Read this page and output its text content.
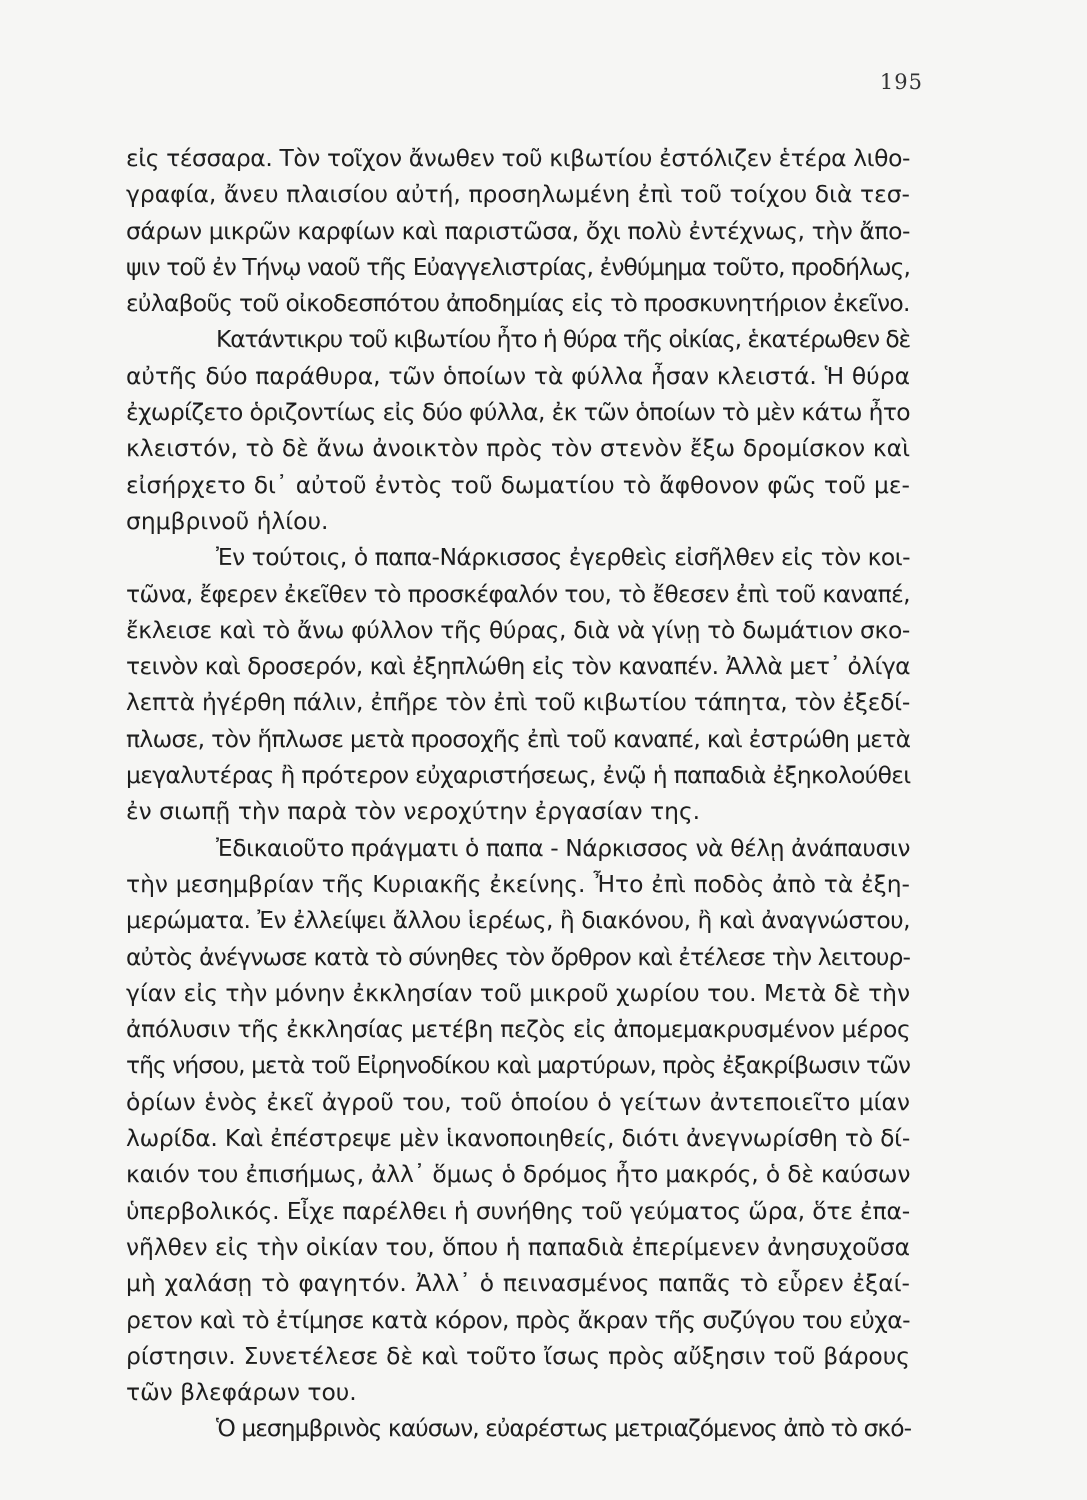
195
εἰς τέσσαρα. Τὸν τοῖχον ἄνωθεν τοῦ κιβωτίου ἐστόλιζεν ἑτέρα λιθο-
γραφία, ἄνευ πλαισίου αὐτή, προσηλωμένη ἐπὶ τοῦ τοίχου διὰ τεσ-
σάρων μικρῶν καρφίων καὶ παριστῶσα, ὄχι πολὺ ἐντέχνως, τὴν ἄπο-
ψιν τοῦ ἐν Τήνῳ ναοῦ τῆς Εὐαγγελιστρίας, ἐνθύμημα τοῦτο, προδήλως,
εὐλαβοῦς τοῦ οἰκοδεσπότου ἀποδημίας εἰς τὸ προσκυνητήριον ἐκεῖνο.
Κατάντικρυ τοῦ κιβωτίου ἦτο ἡ θύρα τῆς οἰκίας, ἑκατέρωθεν δὲ
αὐτῆς δύο παράθυρα, τῶν ὁποίων τὰ φύλλα ἦσαν κλειστά. Ἡ θύρα
ἐχωρίζετο ὁριζοντίως εἰς δύο φύλλα, ἐκ τῶν ὁποίων τὸ μὲν κάτω ἦτο
κλειστόν, τὸ δὲ ἄνω ἀνοικτὸν πρὸς τὸν στενὸν ἔξω δρομίσκον καὶ
εἰσήρχετο δι᾿ αὐτοῦ ἐντὸς τοῦ δωματίου τὸ ἄφθονον φῶς τοῦ με-
σημβρινοῦ ἡλίου.
Ἐν τούτοις, ὁ παπα-Νάρκισσος ἐγερθεὶς εἰσῆλθεν εἰς τὸν κοι-
τῶνα, ἔφερεν ἐκεῖθεν τὸ προσκέφαλόν του, τὸ ἔθεσεν ἐπὶ τοῦ καναπέ,
ἔκλεισε καὶ τὸ ἄνω φύλλον τῆς θύρας, διὰ νὰ γίνῃ τὸ δωμάτιον σκο-
τεινὸν καὶ δροσερόν, καὶ ἐξηπλώθη εἰς τὸν καναπέν. Ἀλλὰ μετ᾿ ὀλίγα
λεπτὰ ἠγέρθη πάλιν, ἐπῆρε τὸν ἐπὶ τοῦ κιβωτίου τάπητα, τὸν ἐξεδί-
πλωσε, τὸν ἥπλωσε μετὰ προσοχῆς ἐπὶ τοῦ καναπέ, καὶ ἐστρώθη μετὰ
μεγαλυτέρας ἢ πρότερον εὐχαριστήσεως, ἐνῷ ἡ παπαδιὰ ἐξηκολούθει
ἐν σιωπῇ τὴν παρὰ τὸν νεροχύτην ἐργασίαν της.
Ἐδικαιοῦτο πράγματι ὁ παπα - Νάρκισσος νὰ θέλῃ ἀνάπαυσιν
τὴν μεσημβρίαν τῆς Κυριακῆς ἐκείνης. Ἦτο ἐπὶ ποδὸς ἀπὸ τὰ ἐξη-
μερώματα. Ἐν ἐλλείψει ἄλλου ἱερέως, ἢ διακόνου, ἢ καὶ ἀναγνώστου,
αὐτὸς ἀνέγνωσε κατὰ τὸ σύνηθες τὸν ὄρθρον καὶ ἐτέλεσε τὴν λειτουρ-
γίαν εἰς τὴν μόνην ἐκκλησίαν τοῦ μικροῦ χωρίου του. Μετὰ δὲ τὴν
ἀπόλυσιν τῆς ἐκκλησίας μετέβη πεζὸς εἰς ἀπομεμακρυσμένον μέρος
τῆς νήσου, μετὰ τοῦ Εἰρηνοδίκου καὶ μαρτύρων, πρὸς ἐξακρίβωσιν τῶν
ὁρίων ἑνὸς ἐκεῖ ἀγροῦ του, τοῦ ὁποίου ὁ γείτων ἀντεποιεῖτο μίαν
λωρίδα. Καὶ ἐπέστρεψε μὲν ἱκανοποιηθείς, διότι ἀνεγνωρίσθη τὸ δί-
καιόν του ἐπισήμως, ἀλλ᾿ ὅμως ὁ δρόμος ἦτο μακρός, ὁ δὲ καύσων
ὑπερβολικός. Εἶχε παρέλθει ἡ συνήθης τοῦ γεύματος ὥρα, ὅτε ἐπα-
νῆλθεν εἰς τὴν οἰκίαν του, ὅπου ἡ παπαδιὰ ἐπερίμενεν ἀνησυχοῦσα
μὴ χαλάσῃ τὸ φαγητόν. Ἀλλ᾿ ὁ πεινασμένος παπᾶς τὸ εὗρεν ἐξαί-
ρετον καὶ τὸ ἐτίμησε κατὰ κόρον, πρὸς ἄκραν τῆς συζύγου του εὐχα-
ρίστησιν. Συνετέλεσε δὲ καὶ τοῦτο ἴσως πρὸς αὔξησιν τοῦ βάρους
τῶν βλεφάρων του.
Ὁ μεσημβρινὸς καύσων, εὐαρέστως μετριαζόμενος ἀπὸ τὸ σκό-
